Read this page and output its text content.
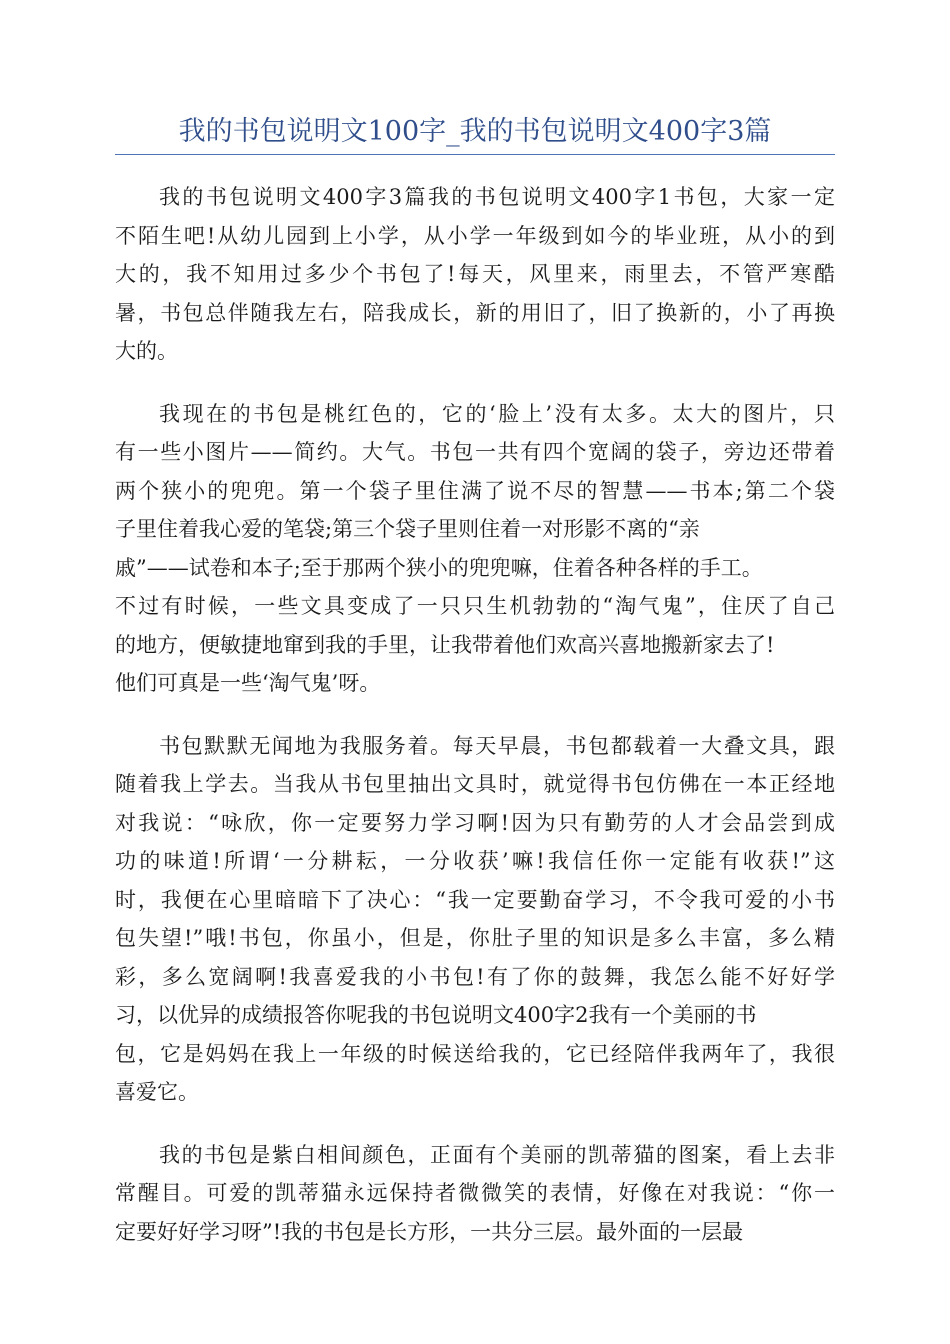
我的书包说明文100字_我的书包说明文400字3篇

我的书包说明文400字3篇我的书包说明文400字1书包，大家一定
不陌生吧!从幼儿园到上小学，从小学一年级到如今的毕业班，从小的到
大的，我不知用过多少个书包了!每天，风里来，雨里去，不管严寒酷
暑，书包总伴随我左右，陪我成长，新的用旧了，旧了换新的，小了再换
大的。

我现在的书包是桃红色的，它的‘脸上’没有太多。太大的图片，只
有一些小图片——简约。大气。书包一共有四个宽阔的袋子，旁边还带着
两个狭小的兜兜。第一个袋子里住满了说不尽的智慧——书本;第二个袋
子里住着我心爱的笔袋;第三个袋子里则住着一对形影不离的“亲
戚”——试卷和本子;至于那两个狭小的兜兜嘛，住着各种各样的手工。
不过有时候，一些文具变成了一只只生机勃勃的“淘气鬼”，住厌了自己
的地方，便敏捷地窜到我的手里，让我带着他们欢高兴喜地搬新家去了!
他们可真是一些‘淘气鬼’呀。

书包默默无闻地为我服务着。每天早晨，书包都载着一大叠文具，跟
随着我上学去。当我从书包里抽出文具时，就觉得书包仿佛在一本正经地
对我说：“咏欣，你一定要努力学习啊!因为只有勤劳的人才会品尝到成
功的味道!所谓‘一分耕耘，一分收获’嘛!我信任你一定能有收获!”这
时，我便在心里暗暗下了决心：“我一定要勤奋学习，不令我可爱的小书
包失望!”哦!书包，你虽小，但是，你肚子里的知识是多么丰富，多么精
彩，多么宽阔啊!我喜爱我的小书包!有了你的鼓舞，我怎么能不好好学
习，以优异的成绩报答你呢我的书包说明文400字2我有一个美丽的书
包，它是妈妈在我上一年级的时候送给我的，它已经陪伴我两年了，我很
喜爱它。

我的书包是紫白相间颜色，正面有个美丽的凯蒂猫的图案，看上去非
常醒目。可爱的凯蒂猫永远保持者微微笑的表情，好像在对我说：“你一
定要好好学习呀”!我的书包是长方形，一共分三层。最外面的一层最
